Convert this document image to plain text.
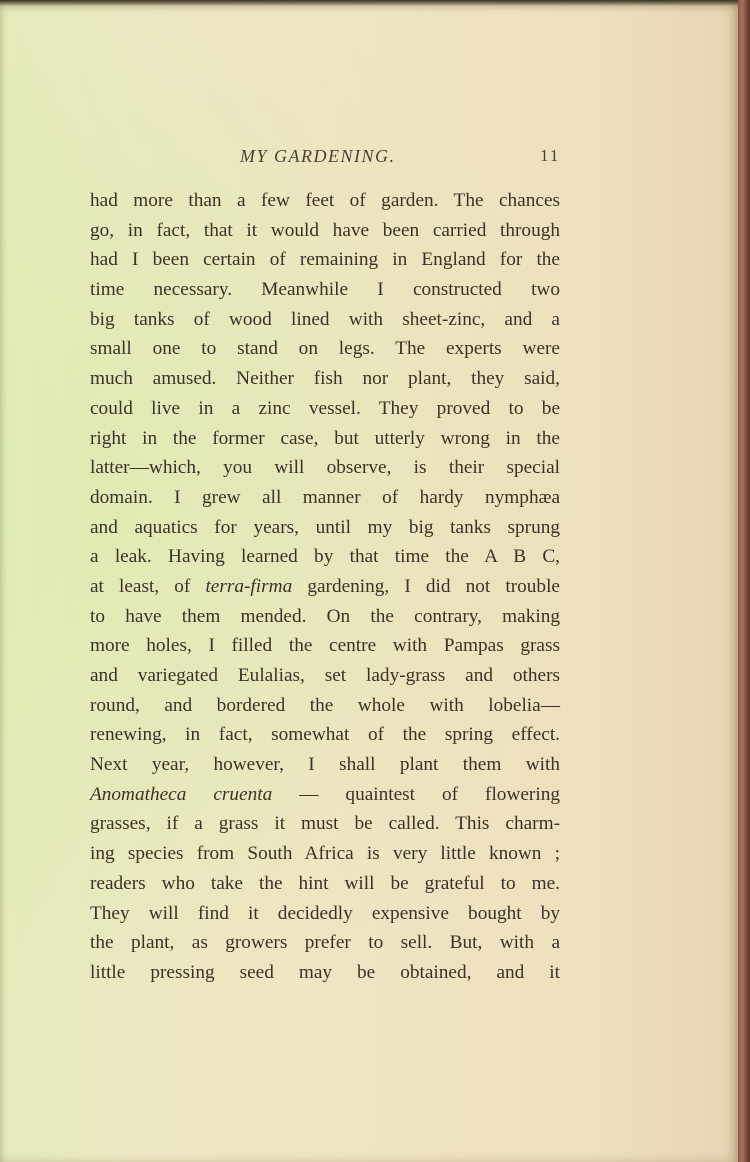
MY GARDENING.	11
had more than a few feet of garden. The chances
go, in fact, that it would have been carried through
had I been certain of remaining in England for the
time necessary. Meanwhile I constructed two
big tanks of wood lined with sheet-zinc, and a
small one to stand on legs. The experts were
much amused. Neither fish nor plant, they said,
could live in a zinc vessel. They proved to be
right in the former case, but utterly wrong in the
latter—which, you will observe, is their special
domain. I grew all manner of hardy nymphæa
and aquatics for years, until my big tanks sprung
a leak. Having learned by that time the A B C,
at least, of terra-firma gardening, I did not trouble
to have them mended. On the contrary, making
more holes, I filled the centre with Pampas grass
and variegated Eulalias, set lady-grass and others
round, and bordered the whole with lobelia—
renewing, in fact, somewhat of the spring effect.
Next year, however, I shall plant them with
Anomatheca cruenta — quaintest of flowering
grasses, if a grass it must be called. This charm-
ing species from South Africa is very little known ;
readers who take the hint will be grateful to me.
They will find it decidedly expensive bought by
the plant, as growers prefer to sell. But, with a
little pressing seed may be obtained, and it
